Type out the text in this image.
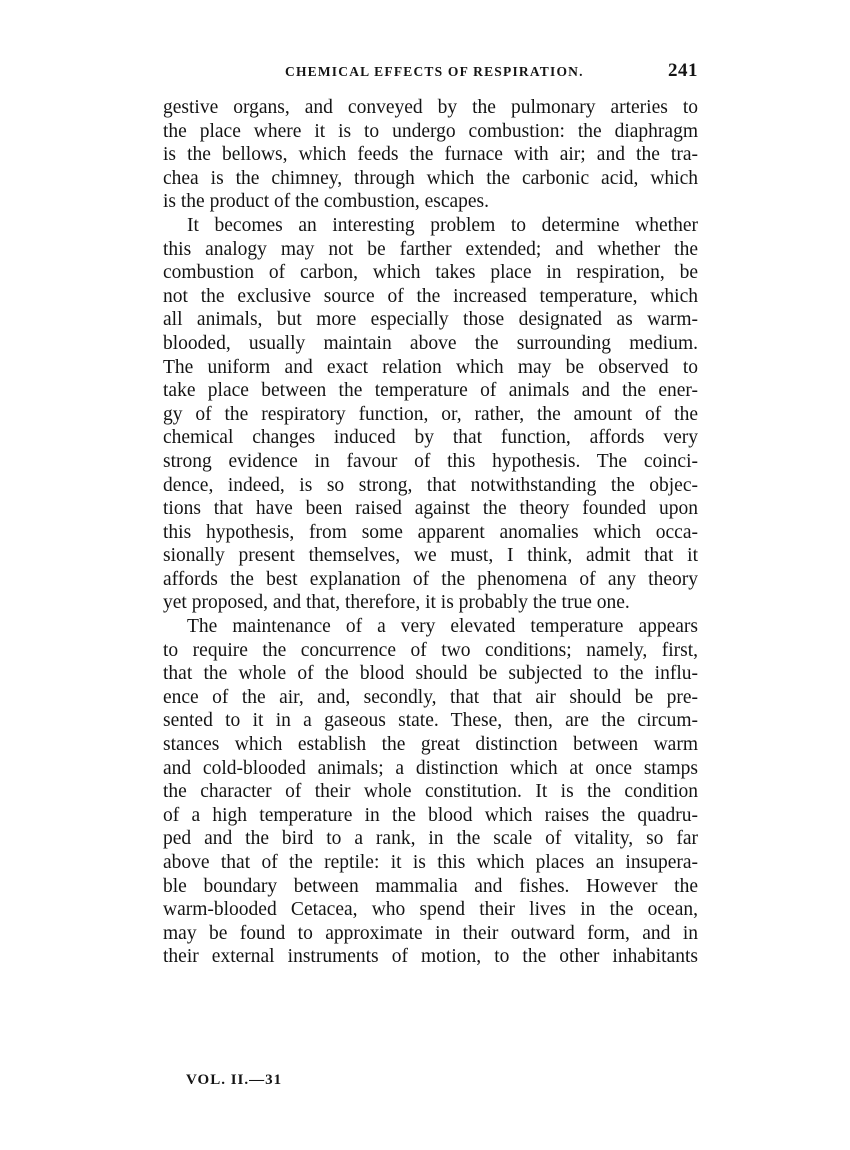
CHEMICAL EFFECTS OF RESPIRATION.	241
gestive organs, and conveyed by the pulmonary arteries to
the place where it is to undergo combustion: the diaphragm
is the bellows, which feeds the furnace with air; and the tra-
chea is the chimney, through which the carbonic acid, which
is the product of the combustion, escapes.
It becomes an interesting problem to determine whether
this analogy may not be farther extended; and whether the
combustion of carbon, which takes place in respiration, be
not the exclusive source of the increased temperature, which
all animals, but more especially those designated as warm-
blooded, usually maintain above the surrounding medium.
The uniform and exact relation which may be observed to
take place between the temperature of animals and the ener-
gy of the respiratory function, or, rather, the amount of the
chemical changes induced by that function, affords very
strong evidence in favour of this hypothesis. The coinci-
dence, indeed, is so strong, that notwithstanding the objec-
tions that have been raised against the theory founded upon
this hypothesis, from some apparent anomalies which occa-
sionally present themselves, we must, I think, admit that it
affords the best explanation of the phenomena of any theory
yet proposed, and that, therefore, it is probably the true one.
The maintenance of a very elevated temperature appears
to require the concurrence of two conditions; namely, first,
that the whole of the blood should be subjected to the influ-
ence of the air, and, secondly, that that air should be pre-
sented to it in a gaseous state. These, then, are the circum-
stances which establish the great distinction between warm
and cold-blooded animals; a distinction which at once stamps
the character of their whole constitution. It is the condition
of a high temperature in the blood which raises the quadru-
ped and the bird to a rank, in the scale of vitality, so far
above that of the reptile: it is this which places an insupera-
ble boundary between mammalia and fishes. However the
warm-blooded Cetacea, who spend their lives in the ocean,
may be found to approximate in their outward form, and in
their external instruments of motion, to the other inhabitants
VOL. II.—31
